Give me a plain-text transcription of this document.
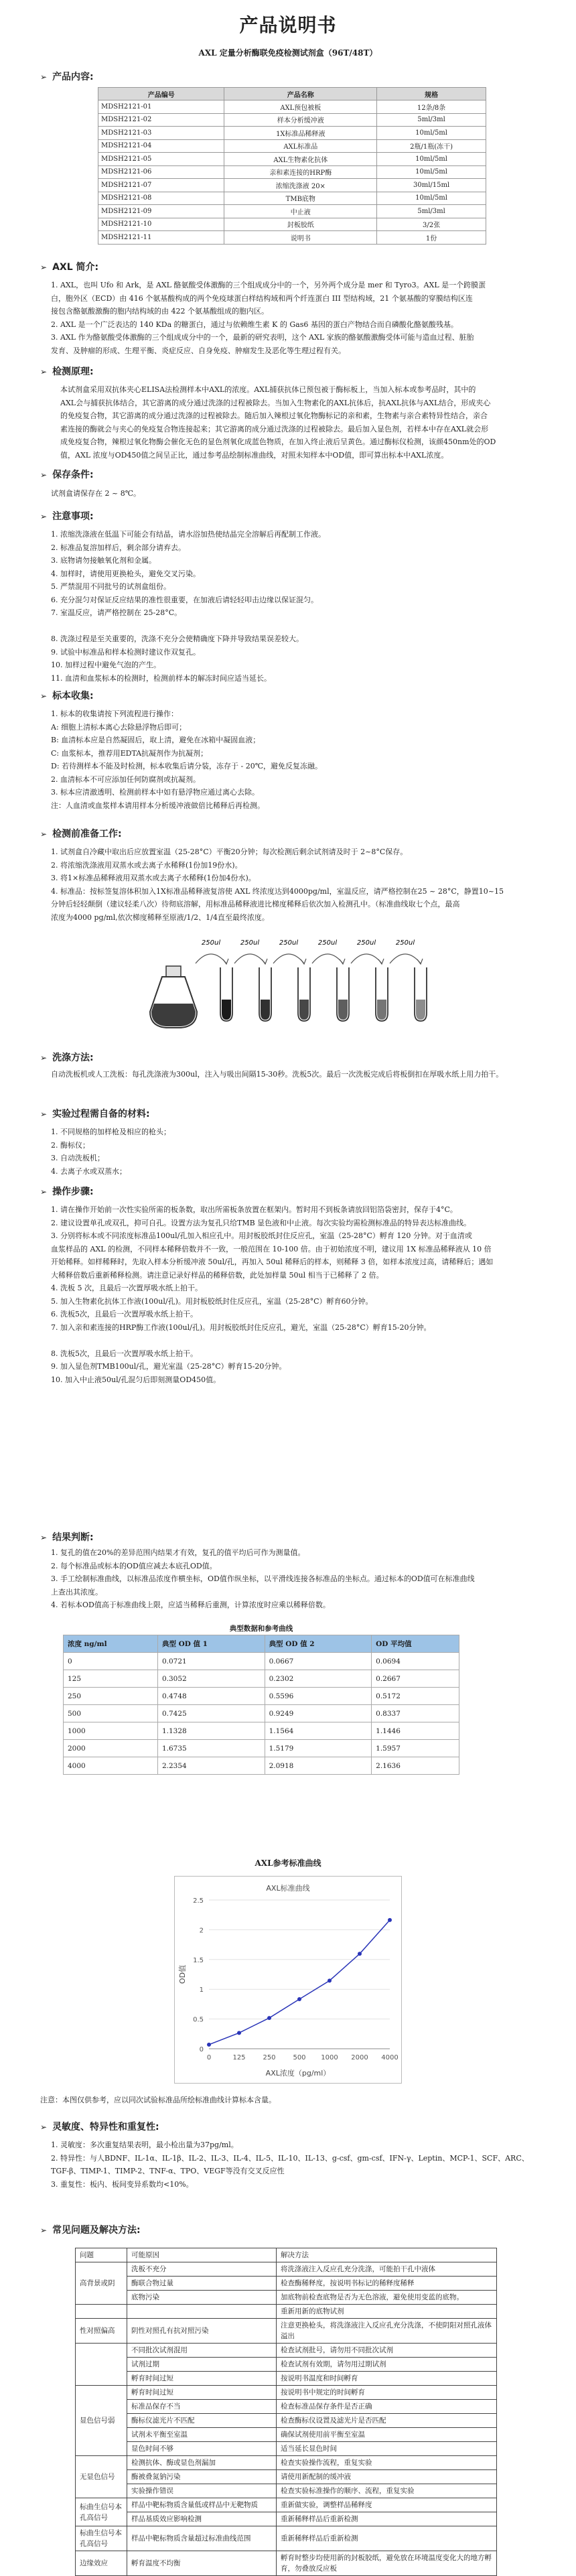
产品说明书
AXL 定量分析酶联免疫检测试剂盒（96T/48T）
➢ 产品内容:
产品编号	产品名称	规格
MDSH2121-01	AXL预包被板	12条/8条
MDSH2121-02	样本分析缓冲液	5ml/3ml
MDSH2121-03	1X标准品稀释液	10ml/5ml
MDSH2121-04	AXL标准品	2瓶/1瓶(冻干)
MDSH2121-05	AXL生物素化抗体	10ml/5ml
MDSH2121-06	亲和素连接的HRP酶	10ml/5ml
MDSH2121-07	浓缩洗涤液 20×	30ml/15ml
MDSH2121-08	TMB底物	10ml/5ml
MDSH2121-09	中止液	5ml/3ml
MDSH2121-10	封板胶纸	3/2张
MDSH2121-11	说明书	1份
➢ AXL 简介:
1. AXL，也叫 Ufo 和 Ark，是 AXL 酪氨酸受体激酶的三个组成成分中的一个，另外两个成分是 mer 和 Tyro3。AXL 是一个跨膜蛋
白，胞外区（ECD）由 416 个氨基酸构成的两个免疫球蛋白样结构域和两个纤连蛋白 III 型结构域，21 个氨基酸的穿膜结构区连
接包含酪氨酸激酶的胞内结构域的由 422 个氨基酸组成的胞内区。
2. AXL 是一个广泛表达的 140 KDa 的糖蛋白，通过与依赖维生素 K 的 Gas6 基因的蛋白产物结合而自磷酸化酪氨酸残基。
3. AXL 作为酪氨酸受体激酶的三个组成成分中的一个，最新的研究表明，这个 AXL 家族的酪氨酸激酶受体可能与造血过程、脏胎
发育、及肿瘤的形成、生理平衡、炎症反应、自身免疫、肿瘤发生及恶化等生理过程有关。
➢ 检测原理:
本试剂盒采用双抗体夹心ELISA法检测样本中AXL的浓度。AXL捕获抗体已预包被于酶标板上，当加入标本或参考品时，其中的
AXL会与捕获抗体结合，其它游离的成分通过洗涤的过程被除去。当加入生物素化的AXL抗体后，抗AXL抗体与AXL结合，形成夹心
的免疫复合物，其它游离的成分通过洗涤的过程被除去。随后加入辣根过氧化物酶标记的亲和素，生物素与亲合素特异性结合，亲合
素连接的酶就会与夹心的免疫复合物连接起来；其它游离的成分通过洗涤的过程被除去。最后加入显色剂，若样本中存在AXL就会形
成免疫复合物，辣根过氧化物酶会催化无色的显色剂氧化成蓝色物质，在加入终止液后呈黄色。通过酶标仪检测，该颜450nm处的OD
值，AXL 浓度与OD450值之间呈正比，通过参考品绘制标准曲线，对照未知样本中OD值，即可算出标本中AXL浓度。
➢ 保存条件:
试剂盒请保存在 2 ~ 8℃。
➢ 注意事项:
1. 浓缩洗涤液在低温下可能会有结晶，请水浴加热使结晶完全溶解后再配制工作液。
2. 标准品复溶加样后，剩余部分请弃去。
3. 底物请勿接触氧化剂和金属。
4. 加样时，请使用更换枪头，避免交叉污染。
5. 严禁混用不同批号的试剂盒组份。
6. 充分混匀对保证反应结果的准性很重要，在加液后请轻轻叩击边缘以保证混匀。
7. 室温反应，请严格控制在 25-28°C。

8. 洗涤过程是至关重要的，洗涤不充分会使精确度下降并导致结果误差较大。
9. 试验中标准品和样本检测时建议作双复孔。
10. 加样过程中避免气泡的产生。
11. 血清和血浆标本的检测时，检测前样本的解冻时间应适当延长。
➢ 标本收集:
1. 标本的收集请按下列流程进行操作：
A: 细胞上清标本离心去除悬浮物后即可；
B: 血清标本应是自然凝固后，取上清，避免在冰箱中凝固血液；
C: 血浆标本，推荐用EDTA抗凝剂作为抗凝剂；
D: 若待测样本不能及时检测，标本收集后请分装，冻存于 - 20℃，避免反复冻融。
2. 血清标本不可应添加任何防腐剂或抗凝剂。
3. 标本应清澈透明、检测前样本中如有悬浮物应通过离心去除。
注：人血清或血浆样本请用样本分析缓冲液做倍比稀释后再检测。
➢ 检测前准备工作:
1. 试剂盒自冷藏中取出后应放置室温（25-28°C）平衡20分钟；每次检测后剩余试剂请及时于 2~8°C保存。
2. 将浓缩洗涤液用双蒸水或去离子水稀释(1份加19份水)。
3. 将1×标准品稀释液用双蒸水或去离子水稀释(1份加4份水)。
4. 标准品：按标签复溶体积加入1X标准品稀释液复溶使 AXL 终浓度达到4000pg/ml，室温反应，请严格控制在25 ~ 28°C，静置10~15
分钟后轻轻颠倒（建议轻柔八次）待彻底溶解，用标准品稀释液进比梯度稀释后依次加入检测孔中。（标准曲线取七个点，最高
浓度为4000 pg/ml,依次梯度稀释至原液/1/2、1/4直至最终浓度。
250ul	250ul	250ul	250ul	250ul	250ul
➢ 洗涤方法:
自动洗板机或人工洗板：每孔洗涤液为300ul，注入与吸出间隔15-30秒。洗板5次。最后一次洗板完成后将板倒扣在厚吸水纸上用力拍干。
➢ 实验过程需自备的材料:
1. 不同规格的加样枪及相应的枪头；
2. 酶标仪；
3. 自动洗板机；
4. 去离子水或双蒸水；
➢ 操作步骤:
1. 请在操作开始前一次性实验所需的板条数，取出所需板条放置在框架内。暂时用不到板条请放回铝箔袋密封，保存于4°C。
2. 建议设置单孔或双孔，抑可自孔。设置方法为复孔只给TMB 显色液和中止液。每次实验均需检测标准品的特异表达标准曲线。
3. 分别将标本或不同浓度标准品100ul/孔加入相应孔中。用封板胶纸封住反应孔，室温（25-28°C）孵育 120 分钟。对于血清或
血浆样品的 AXL 的检测，不同样本稀释倍数并不一致，一般范围在 10-100 倍。由于初始浓度不明，建议用 1X 标准品稀释液从 10 倍
开始稀释。如样稀释时，先取入样本分析缓冲液 50ul/孔，再加入 50ul 稀释后的样本，则稀释 3 倍，如样本浓度过高，请稀释后；遇如
大稀释倍数后重新稀释检测。请注意记录好样品的稀释倍数，此处加样量 50ul 相当于已稀释了 2 倍。
4. 洗板 5 次，且最后一次置厚吸水纸上拍干。
5. 加入生物素化抗体工作液(100ul/孔)。用封板胶纸封住反应孔，室温（25-28°C）孵育60分钟。
6. 洗板5次，且最后一次置厚吸水纸上拍干。
7. 加入亲和素连接的HRP酶工作液(100ul/孔)。用封板胶纸封住反应孔，避光，室温（25-28°C）孵育15-20分钟。

8. 洗板5次，且最后一次置厚吸水纸上拍干。
9. 加入显色剂TMB100ul/孔，避光室温（25-28°C）孵育15-20分钟。
10. 加入中止液50ul/孔混匀后即刻测量OD450值。
➢ 结果判断:
1. 复孔的值在20%的差异范围内结果才有效，复孔的值平均后可作为测量值。
2. 每个标准品或标本的OD值应减去本底孔OD值。
3. 手工绘制标准曲线，以标准品浓度作横坐标，OD值作纵坐标，以平滑线连接各标准品的坐标点。通过标本的OD值可在标准曲线
上查出其浓度。
4. 若标本OD值高于标准曲线上限，应适当稀释后重测，计算浓度时应乘以稀释倍数。
典型数据和参考曲线			
浓度 ng/ml	典型 OD 值 1	典型 OD 值 2	OD 平均值
0	0.0721	0.0667	0.0694
125	0.3052	0.2302	0.2667
250	0.4748	0.5596	0.5172
500	0.7425	0.9249	0.8337
1000	1.1328	1.1564	1.1446
2000	1.6735	1.5179	1.5957
4000	2.2354	2.0918	2.1636
AXL参考标准曲线
AXL标准曲线
0
0.5
1
1.5
2
2.5
0	125	250	500 1000 2000 4000
OD值
AXL浓度（pg/ml）
注意：本图仅供参考，应以同次试验标准品所绘标准曲线计算标本含量。
➢ 灵敏度、特异性和重复性:
1. 灵敏度：多次重复结果表明，最小检出量为37pg/ml。
2. 特异性：与人BDNF、IL-1α、IL-1β、IL-2、IL-3、IL-4、IL-5、IL-10、IL-13、g-csf、gm-csf、IFN-γ、Leptin、MCP-1、SCF、ARC、
TGF-β、TIMP-1、TIMP-2、TNF-α、TPO、VEGF等没有交叉反应性
3. 重复性：板内、板间变异系数均<10%。
➢ 常见问题及解决方法:
问题	可能原因	解决方法
高背景或阴	洗板不充分	将洗涤液注入反应孔充分洗涤，可能拍干孔中液体
	酶联合物过量	检查酶稀释度，按说明书标记的稀释度稀释
	底物污染	加底物前检查底物是否为无色溶液，避免使用变蓝的底物。
		重新用新的底物试剂
性对照偏高	阴性对照孔有抗对照污染	注意更换枪头，将洗涤液注入反应孔充分洗涤，不使阴阳对照孔液体溢出
	不同批次试剂混用	检查试剂批号，请勿用不同批次试剂
	试剂过期	检查试剂有效期，请勿用过期试剂
	孵育时间过短	按说明书温度和时间孵育
显色信号弱	孵育时间过短	按说明书中规定的时间孵育
	标准品保存不当	检查标准品保存条件是否正确
	酶标仪滤光片不匹配	检查酶标仪设置及滤光片是否匹配
	试剂未平衡至室温	确保试剂使用前平衡至室温
	显色时间不够	适当延长显色时间
无显色信号	检测抗体、酶或显色剂漏加	检查实验操作流程，重复实验
	酶被叠氮钠污染	请使用新配制的缓冲液
	实验操作错误	检查实验标准操作的顺序、流程，重复实验
标曲生信号本孔高信号	样品中靶标物质含量低或样品中无靶物质	重新做实验，调整样品稀释度
	样品基质效应影响检测	重新稀释样品后重新检测
标曲生信号本孔高信号	样品中靶标物质含量超过标准曲线范围	重新稀释样品后重新检测
边缘效应	孵育温度不均衡	孵育时整步均使用新的封板胶纸，避免放在环境温度变化大的地方孵育，勿叠放反应板
